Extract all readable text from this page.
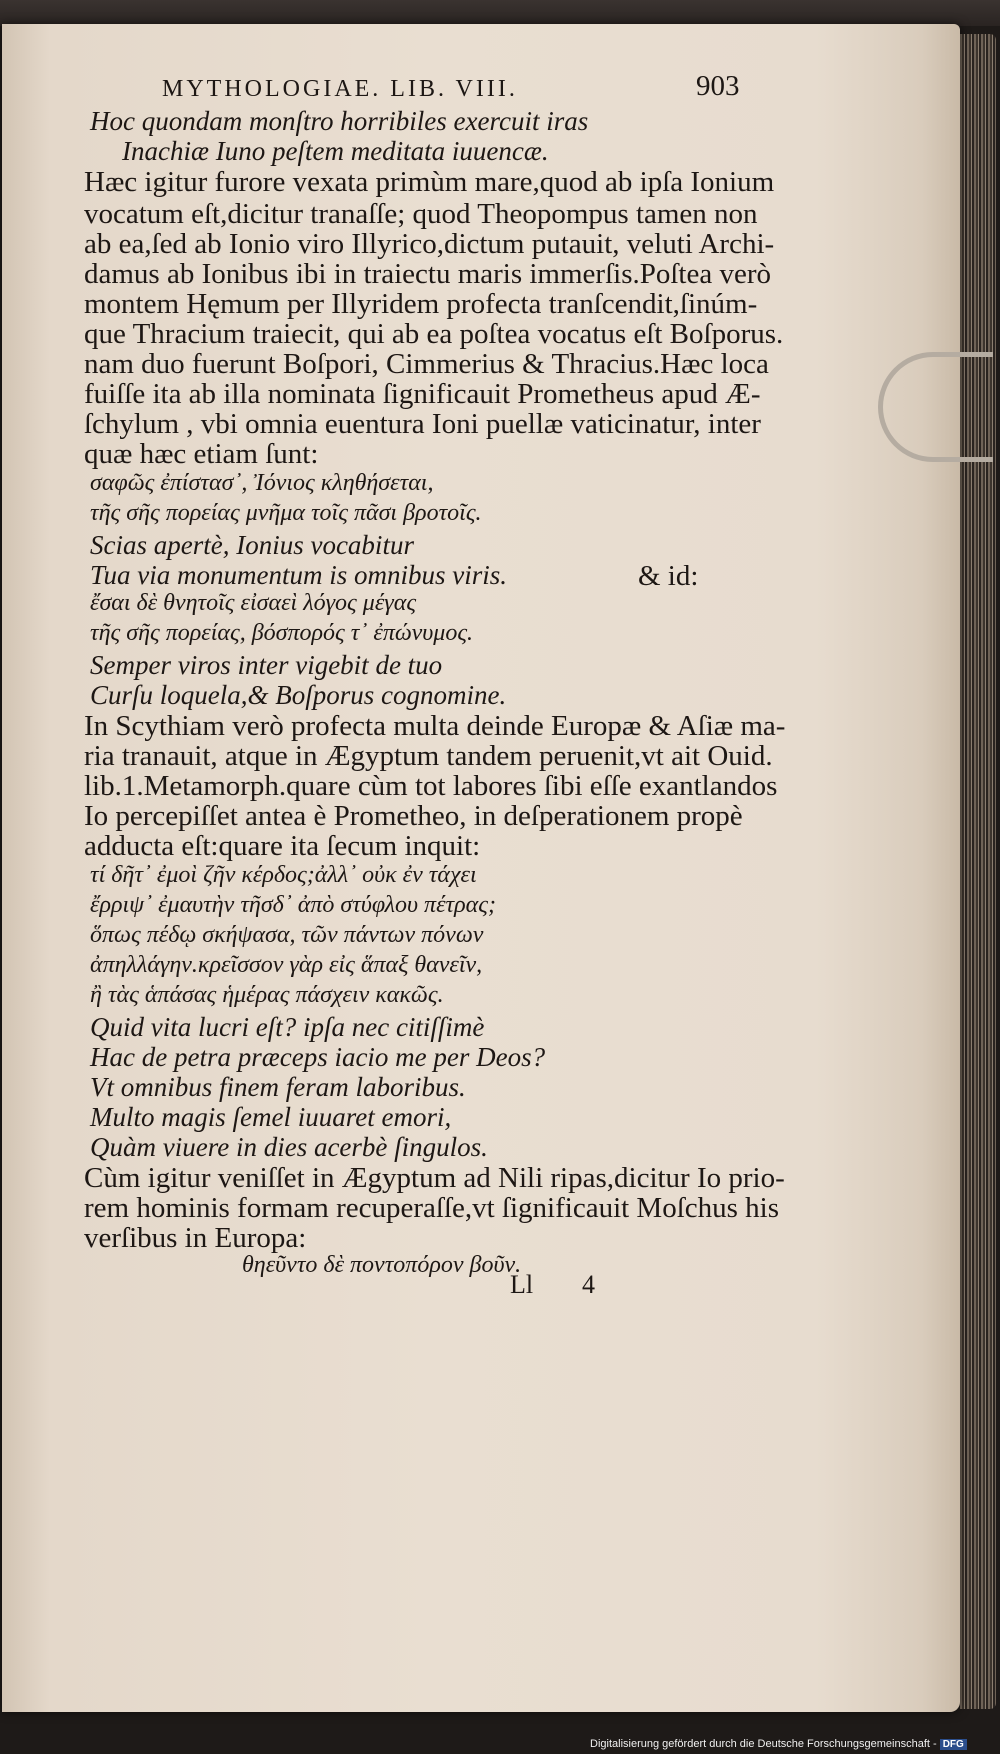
MYTHOLOGIAE. LIB. VIII.	903
Hoc quondam monſtro horribiles exercuit iras
Inachiæ Iuno peſtem meditata iuuencæ.
Hæc igitur furore vexata primùm mare,quod ab ipſa Ionium
vocatum eſt,dicitur tranaſſe; quod Theopompus tamen non
ab ea,ſed ab Ionio viro Illyrico,dictum putauit, veluti Archi-
damus ab Ionibus ibi in traiectu maris immerſis.Poſtea verò
montem Hęmum per Illyridem profecta tranſcendit,ſinúm-
que Thracium traiecit, qui ab ea poſtea vocatus eſt Boſporus.
nam duo fuerunt Boſpori, Cimmerius & Thracius.Hæc loca
fuiſſe ita ab illa nominata ſignificauit Prometheus apud Æ-
ſchylum , vbi omnia euentura Ioni puellæ vaticinatur, inter
quæ hæc etiam ſunt:
σαφῶς ἐπίστασ᾽, Ἰόνιος κληθήσεται,
τῆς σῆς πορείας μνῆμα τοῖς πᾶσι βροτοῖς.
Scias apertè, Ionius vocabitur
Tua via monumentum is omnibus viris.	& id:
ἔσαι δὲ θνητοῖς εἰσαεὶ λόγος μέγας
τῆς σῆς πορείας, βόσπορός τ᾽ ἐπώνυμος.
Semper viros inter vigebit de tuo
Curſu loquela,& Boſporus cognomine.
In Scythiam verò profecta multa deinde Europæ & Aſiæ ma-
ria tranauit, atque in Ægyptum tandem peruenit,vt ait Ouid.
lib.1.Metamorph.quare cùm tot labores ſibi eſſe exantlandos
Io percepiſſet antea è Prometheo, in deſperationem propè
adducta eſt:quare ita ſecum inquit:
τί δῆτ᾽ ἐμοὶ ζῆν κέρδος;ἀλλ᾽ οὐκ ἐν τάχει
ἔρριψ᾽ ἐμαυτὴν τῆσδ᾽ ἀπὸ στύφλου πέτρας;
ὅπως πέδῳ σκήψασα, τῶν πάντων πόνων
ἀπηλλάγην.κρεῖσσον γὰρ εἰς ἅπαξ θανεῖν,
ἢ τὰς ἁπάσας ἡμέρας πάσχειν κακῶς.
Quid vita lucri eſt? ipſa nec citiſſimè
Hac de petra præceps iacio me per Deos?
Vt omnibus finem feram laboribus.
Multo magis ſemel iuuaret emori,
Quàm viuere in dies acerbè ſingulos.
Cùm igitur veniſſet in Ægyptum ad Nili ripas,dicitur Io prio-
rem hominis formam recuperaſſe,vt ſignificauit Moſchus his
verſibus in Europa:
θηεῦντο δὲ ποντοπόρον βοῦν.
Ll 4
Digitalisierung gefördert durch die Deutsche Forschungsgemeinschaft - DFG
